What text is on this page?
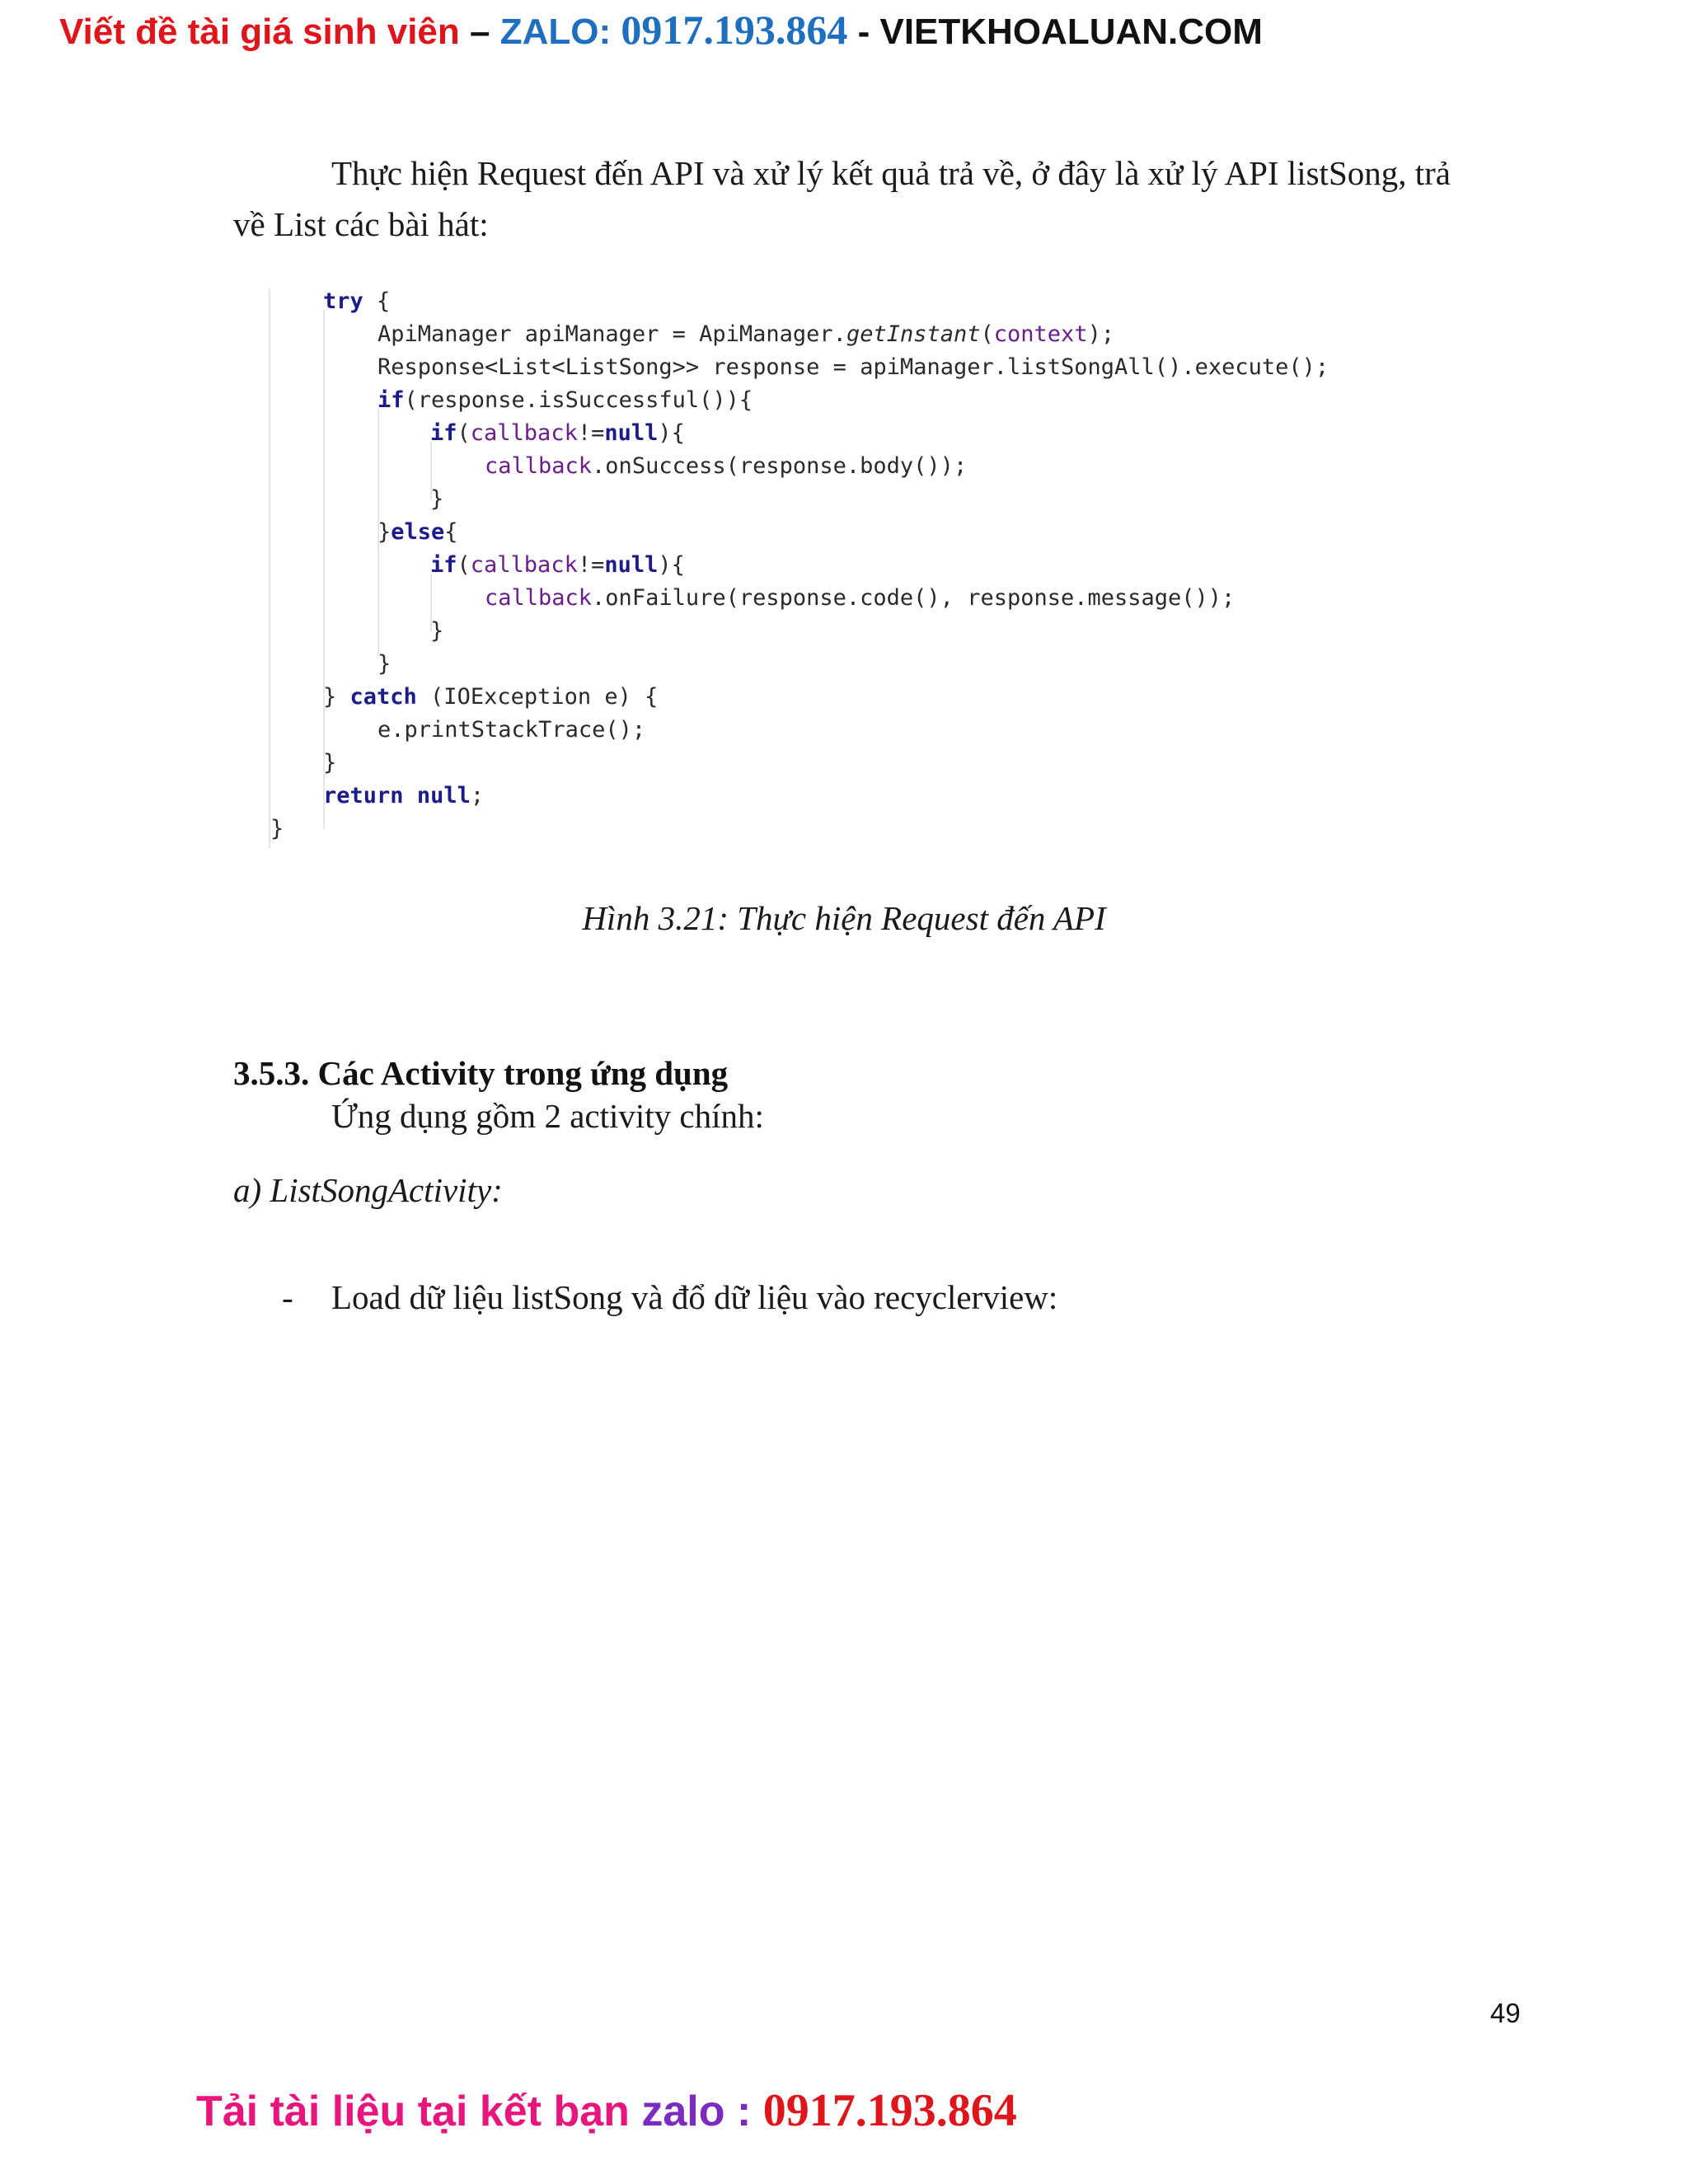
Viết đề tài giá sinh viên – ZALO: 0917.193.864 - VIETKHOALUAN.COM
Thực hiện Request đến API và xử lý kết quả trả về, ở đây là xử lý API listSong, trả
về List các bài hát:
try {
ApiManager apiManager = ApiManager.getInstant(context);
Response<List<ListSong>> response = apiManager.listSongAll().execute();
if(response.isSuccessful()){
if(callback!=null){
callback.onSuccess(response.body());
}
}else{
if(callback!=null){
callback.onFailure(response.code(), response.message());
}
}
} catch (IOException e) {
e.printStackTrace();
}
return null;
}
Hình 3.21: Thực hiện Request đến API
3.5.3. Các Activity trong ứng dụng
Ứng dụng gồm 2 activity chính:
a) ListSongActivity:
- Load dữ liệu listSong và đổ dữ liệu vào recyclerview:
49
Tải tài liệu tại kết bạn zalo : 0917.193.864
